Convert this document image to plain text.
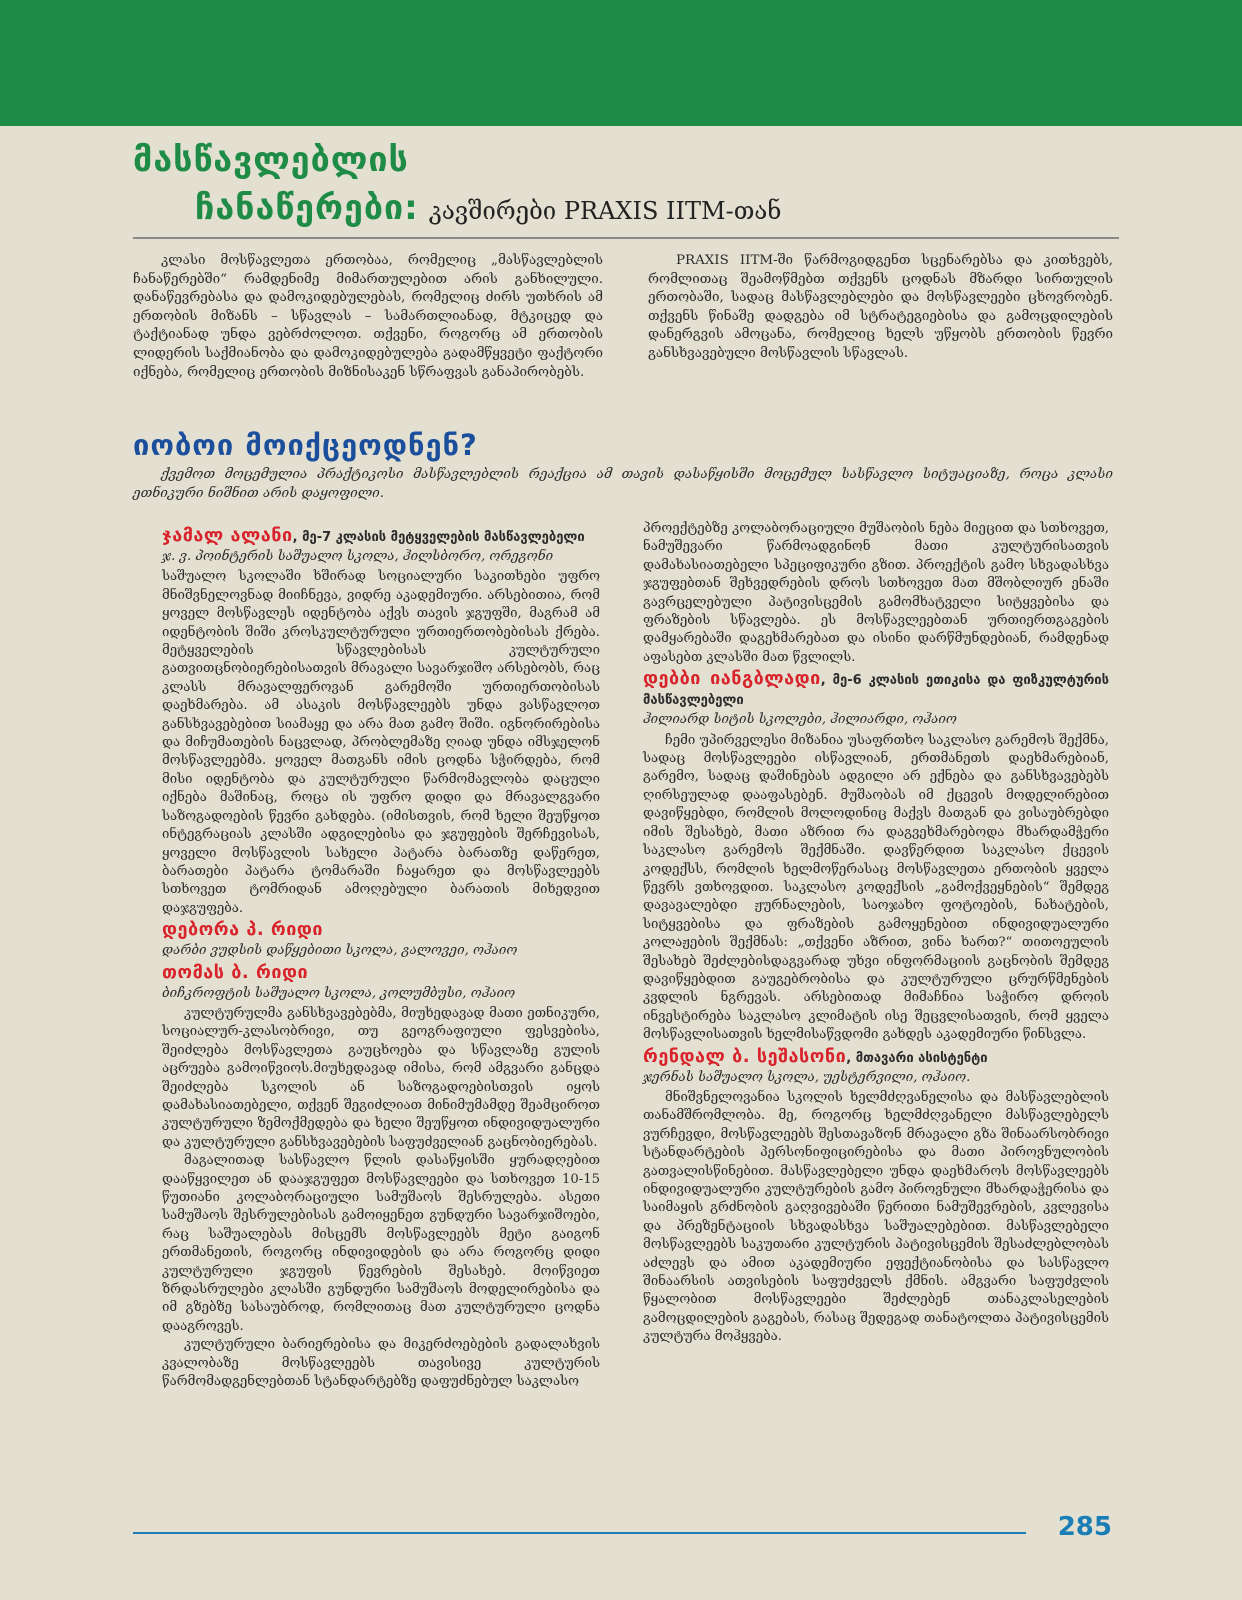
მასწავლებლის
ჩანაწერები: კავშირები PRAXIS IITM-თან

კლასი მოსწავლეთა ერთობაა, რომელიც „მასწავლებლის ჩანაწერებში“ რამდენიმე მიმართულებით არის განხილული. დანაწევრებასა და დამოკიდებულებას, რომელიც ძირს უთხრის ამ ერთობის მიზანს – სწავლას – სამართლიანად, მტკიცედ და ტაქტიანად უნდა ვებრძოლოთ. თქვენი, როგორც ამ ერთობის ლიდერის საქმიანობა და დამოკიდებულება გადამწყვეტი ფაქტორი იქნება, რომელიც ერთობის მიზნისაკენ სწრაფვას განაპირობებს.

PRAXIS IITM-ში წარმოგიდგენთ სცენარებსა და კითხვებს, რომლითაც შეამოწმებთ თქვენს ცოდნას მზარდი სირთულის ერთობაში, სადაც მასწავლებლები და მოსწავლეები ცხოვრობენ. თქვენს წინაშე დადგება იმ სტრატეგიებისა და გამოცდილების დანერგვის ამოცანა, რომელიც ხელს უწყობს ერთობის წევრი განსხვავებული მოსწავლის სწავლას.

იობოი მოიქცეოდნენ?

ქვემოთ მოცემულია პრაქტიკოსი მასწავლებლის რეაქცია ამ თავის დასაწყისში მოცემულ სასწავლო სიტუაციაზე, როცა კლასი ეთნიკური ნიშნით არის დაყოფილი.

ჯამალ ალანი, მე-7 კლასის მეტყველების მასწავლებელი
ჯ. ვ. პოინტერის საშუალო სკოლა, ჰილსბორო, ორეგონი

საშუალო სკოლაში ხშირად სოციალური საკითხები უფრო მნიშვნელოვნად მიიჩნევა, ვიდრე აკადემიური. არსებითია, რომ ყოველ მოსწავლეს იდენტობა აქვს თავის ჯგუფში, მაგრამ ამ იდენტობის შიში კროსკულტურული ურთიერთობებისას ქრება. მეტყველების სწავლებისას კულტურული გათვითცნობიერებისათვის მრავალი სავარჯიშო არსებობს, რაც კლასს მრავალფეროვან გარემოში ურთიერთობისას დაეხმარება. ამ ასაკის მოსწავლეებს უნდა ვასწავლოთ განსხვავებებით სიამაყე და არა მათ გამო შიში. იგნორირებისა და მიჩუმათების ნაცვლად, პრობლემაზე ღიად უნდა იმსჯელონ მოსწავლეებმა. ყოველ მათგანს იმის ცოდნა სჭირდება, რომ მისი იდენტობა და კულტურული წარმომავლობა დაცული იქნება მაშინაც, როცა ის უფრო დიდი და მრავალგვარი საზოგადოების წევრი გახდება. (იმისთვის, რომ ხელი შეუწყოთ ინტეგრაციას კლასში ადგილებისა და ჯგუფების შერჩევისას, ყოველი მოსწავლის სახელი პატარა ბარათზე დაწერეთ, ბარათები პატარა ტომარაში ჩაყარეთ და მოსწავლეებს სთხოვეთ ტომრიდან ამოღებული ბარათის მიხედვით დაჯგუფება.

დებორა პ. რიდი
დარბი ვუდსის დაწყებითი სკოლა, გალოვეი, ოჰაიო
თომას ბ. რიდი
ბიჩკროფტის საშუალო სკოლა, კოლუმბუსი, ოჰაიო

კულტურულმა განსხვავებებმა, მიუხედავად მათი ეთნიკური, სოციალურ-კლასობრივი, თუ გეოგრაფიული ფესვებისა, შეიძლება მოსწავლეთა გაუცხოება და სწავლაზე გულის აცრუება გამოიწვიოს.მიუხედავად იმისა, რომ ამგვარი განცდა შეიძლება სკოლის ან საზოგადოებისთვის იყოს დამახასიათებელი, თქვენ შეგიძლიათ მინიმუმამდე შეამციროთ კულტურული ზემოქმედება და ხელი შეუწყოთ ინდივიდუალური და კულტურული განსხვავებების საფუძველიან გაცნობიერებას.

მაგალითად სასწავლო წლის დასაწყისში ყურადღებით დააწყვილეთ ან დააჯგუფეთ მოსწავლეები და სთხოვეთ 10-15 წუთიანი კოლაბორაციული სამუშაოს შესრულება. ასეთი სამუშაოს შესრულებისას გამოიყენეთ გუნდური სავარჯიშოები, რაც საშუალებას მისცემს მოსწავლეებს მეტი გაიგონ ერთმანეთის, როგორც ინდივიდების და არა როგორც დიდი კულტურული ჯგუფის წევრების შესახებ. მოიწვიეთ ზრდასრულები კლასში გუნდური სამუშაოს მოდელირებისა და იმ გზებზე სასაუბროდ, რომლითაც მათ კულტურული ცოდნა დააგროვეს.

კულტურული ბარიერებისა და მიკერძოებების გადალახვის კვალობაზე მოსწავლეებს თავისივე კულტურის წარმომადგენლებთან სტანდარტებზე დაფუძნებულ საკლასო

პროექტებზე კოლაბორაციული მუშაობის ნება მიეცით და სთხოვეთ, ნამუშევარი წარმოადგინონ მათი კულტურისათვის დამახასიათებელი სპეციფიკური გზით. პროექტის გამო სხვადასხვა ჯგუფებთან შეხვედრების დროს სთხოვეთ მათ მშობლიურ ენაში გავრცელებული პატივისცემის გამომხატველი სიტყვებისა და ფრაზების სწავლება. ეს მოსწავლეებთან ურთიერთგაგების დამყარებაში დაგეხმარებათ და ისინი დარწმუნდებიან, რამდენად აფასებთ კლასში მათ წვლილს.

დებბი იანგბლადი, მე-6 კლასის ეთიკისა და ფიზკულტურის მასწავლებელი
ჰილიარდ სიტის სკოლები, ჰილიარდი, ოჰაიო

ჩემი უპირველესი მიზანია უსაფრთხო საკლასო გარემოს შექმნა, სადაც მოსწავლეები ისწავლიან, ერთმანეთს დაეხმარებიან, გარემო, სადაც დაშინებას ადგილი არ ექნება და განსხვავებებს ღირსეულად დააფასებენ. მუშაობას იმ ქცევის მოდელირებით დავიწყებდი, რომლის მოლოდინიც მაქვს მათგან და ვისაუბრებდი იმის შესახებ, მათი აზრით რა დაგვეხმარებოდა მხარდამჭერი საკლასო გარემოს შექმნაში. დავწერდით საკლასო ქცევის კოდექსს, რომლის ხელმოწერასაც მოსწავლეთა ერთობის ყველა წევრს ვთხოვდით. საკლასო კოდექსის „გამოქვეყნების“ შემდეგ დავავალებდი ჟურნალების, საოჯახო ფოტოების, ნახატების, სიტყვებისა და ფრაზების გამოყენებით ინდივიდუალური კოლაჟების შექმნას: „თქვენი აზრით, ვინა ხართ?“ თითოეულის შესახებ შეძლებისდაგვარად უხვი ინფორმაციის გაცნობის შემდეგ დავიწყებდით გაუგებრობისა და კულტურული ცრურწმენების კვდლის ნგრევას. არსებითად მიმაჩნია საჭირო დროის ინვესტირება საკლასო კლიმატის ისე შეცვლისათვის, რომ ყველა მოსწავლისათვის ხელმისაწვდომი გახდეს აკადემიური წინსვლა.

რენდალ ბ. სეშასონი, მთავარი ასისტენტი
ჯერნას საშუალო სკოლა, უესტერვილი, ოჰაიო.

მნიშვნელოვანია სკოლის ხელმძღვანელისა და მასწავლებლის თანამშრომლობა. მე, როგორც ხელმძღვანელი მასწავლებელს ვურჩევდი, მოსწავლეებს შესთავაზონ მრავალი გზა შინაარსობრივი სტანდარტების პერსონიფიცირებისა და მათი პიროვნულობის გათვალისწინებით. მასწავლებელი უნდა დაეხმაროს მოსწავლეებს ინდივიდუალური კულტურების გამო პიროვნული მხარდაჭერისა და საიმაყის გრძნობის გაღვივებაში წერითი ნამუშევრების, კვლევისა და პრეზენტაციის სხვადასხვა საშუალებებით. მასწავლებელი მოსწავლეებს საკუთარი კულტურის პატივისცემის შესაძლებლობას აძლევს და ამით აკადემიური ეფექტიანობისა და სასწავლო შინაარსის ათვისების საფუძველს ქმნის. ამგვარი საფუძვლის წყალობით მოსწავლეები შეძლებენ თანაკლასელების გამოცდილების გაგებას, რასაც შედეგად თანატოლთა პატივისცემის კულტურა მოჰყვება.

285
